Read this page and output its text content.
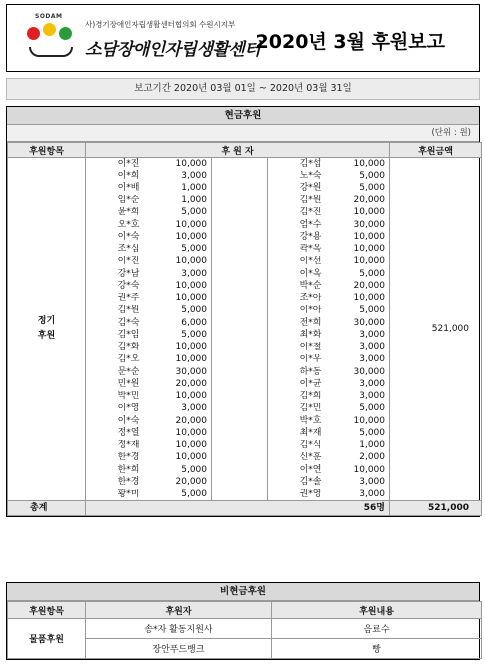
SODAM
사)경기장애인자립생활센터협의회 수원시지부
소담장애인자립생활센터
2020년 3월 후원보고
보고기간 2020년 03월 01일 ~ 2020년 03월 31일
현금후원
(단위 : 원)
후원항목	후 원 자					후원금액
정기
후원	이*진	10,000		김*섭	10,000	521,000
	이*희	3,000		노*숙	5,000	
	이*배	1,000		강*원	5,000	
	임*순	1,000		김*원	20,000	
	윤*희	5,000		김*진	10,000	
	오*호	10,000		엄*수	30,000	
	이*숙	10,000		강*용	10,000	
	조*심	5,000		곽*옥	10,000	
	이*진	10,000		이*선	10,000	
	강*남	3,000		이*옥	5,000	
	강*숙	10,000		박*순	20,000	
	권*주	10,000		조*아	10,000	
	김*원	5,000		이*아	5,000	
	김*숙	6,000		전*희	30,000	
	김*임	5,000		최*화	3,000	
	김*화	10,000		이*철	3,000	
	김*오	10,000		이*우	3,000	
	문*순	30,000		하*동	30,000	
	민*원	20,000		이*균	3,000	
	박*민	10,000		김*희	3,000	
	이*영	3,000		김*민	5,000	
	이*숙	20,000		박*호	10,000	
	정*열	10,000		최*재	5,000	
	정*재	10,000		김*식	1,000	
	한*경	10,000		신*훈	2,000	
	한*희	5,000		이*연	10,000	
	한*경	20,000		김*솔	3,000	
	황*미	5,000		권*영	3,000	
총계	56명					521,000
비현금후원
후원항목	후원자	후원내용
물품후원	송*자 활동지원사	음료수
	장안푸드뱅크	빵
